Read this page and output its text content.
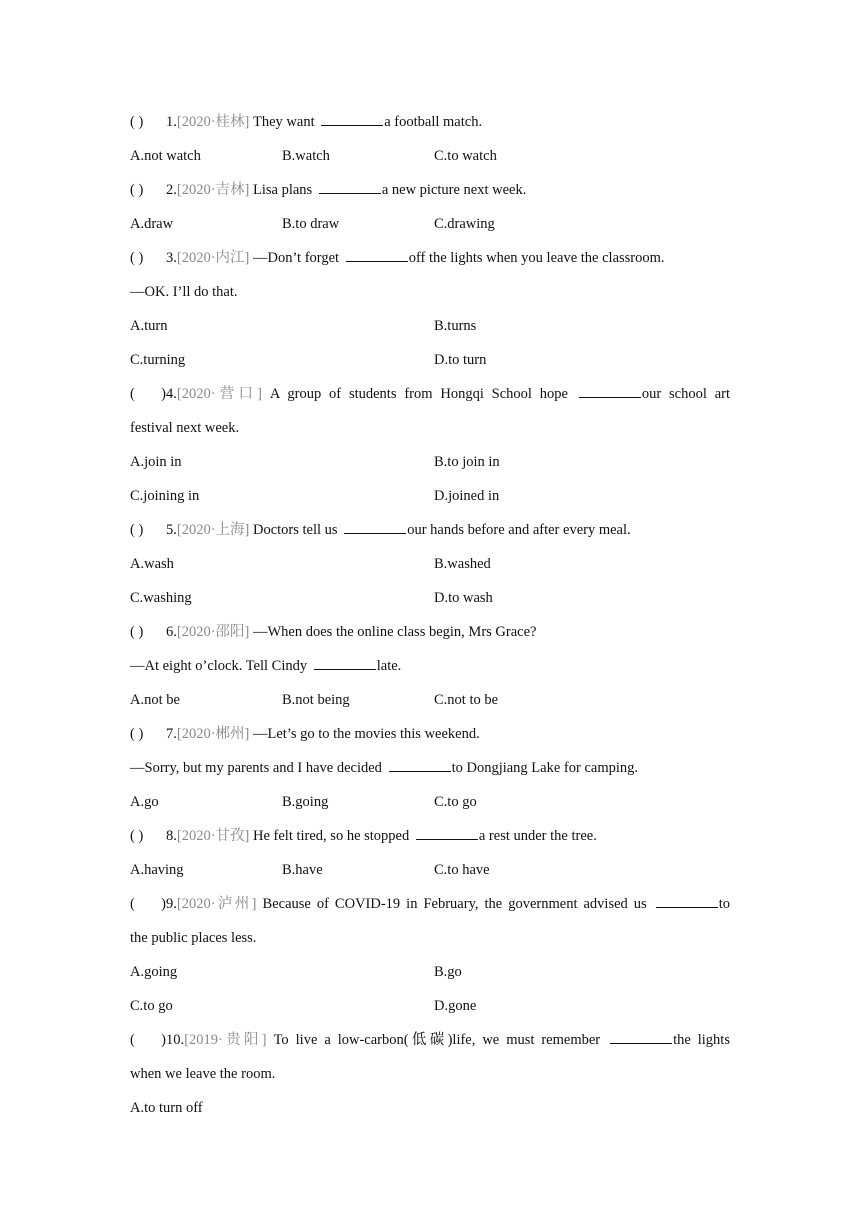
( ) 1.[2020·桂林] They want	a football match.
A.not watch	B.watch	C.to watch
( ) 2.[2020·吉林] Lisa plans	a new picture next week.
A.draw	B.to draw	C.drawing
( ) 3.[2020·内江] —Don’t forget	off the lights when you leave the classroom.
—OK. I’ll do that.
A.turn	B.turns
C.turning	D.to turn
( )4.[2020·营口] A group of students from Hongqi School hope	our school art
festival next week.
A.join in	B.to join in
C.joining in	D.joined in
( ) 5.[2020·上海] Doctors tell us	our hands before and after every meal.
A.wash	B.washed
C.washing	D.to wash
( ) 6.[2020·邵阳] —When does the online class begin, Mrs Grace?
—At eight o’clock. Tell Cindy	late.
A.not be	B.not being	C.not to be
( ) 7.[2020·郴州] —Let’s go to the movies this weekend.
—Sorry, but my parents and I have decided	to Dongjiang Lake for camping.
A.go	B.going	C.to go
( ) 8.[2020·甘孜] He felt tired, so he stopped	a rest under the tree.
A.having	B.have	C.to have
( )9.[2020·泸州] Because of COVID-19 in February, the government advised us	to
the public places less.
A.going	B.go
C.to go	D.gone
( )10.[2019·贵阳] To live a low-carbon(低碳)life, we must remember	the lights
when we leave the room.
A.to turn off
